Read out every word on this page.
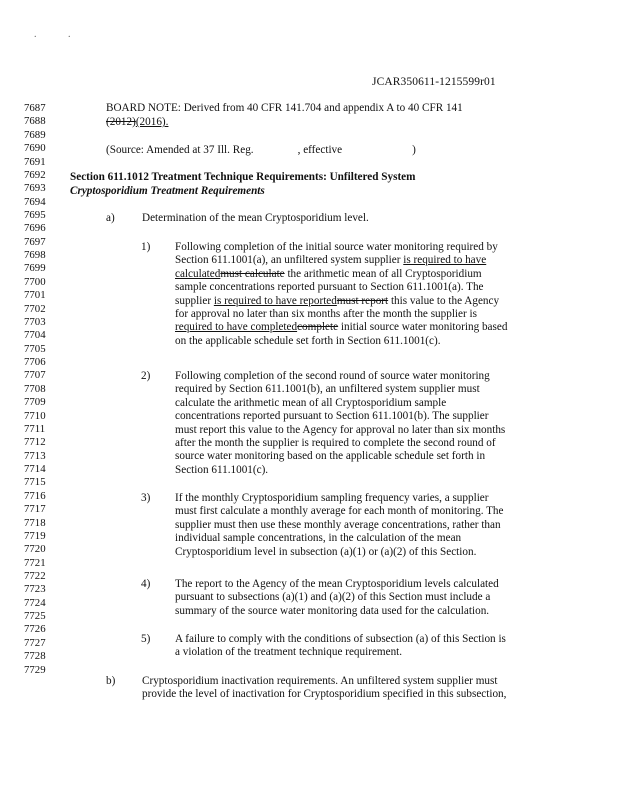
.	.
JCAR350611-1215599r01
7687
7688
7689
7690
7691
7692
7693
7694
7695
7696
7697
7698
7699
7700
7701
7702
7703
7704
7705
7706
7707
7708
7709
7710
7711
7712
7713
7714
7715
7716
7717
7718
7719
7720
7721
7722
7723
7724
7725
7726
7727
7728
7729
BOARD NOTE: Derived from 40 CFR 141.704 and appendix A to 40 CFR 141
(2012)(2016).
(Source: Amended at 37 Ill. Reg.	, effective	)
Section 611.1012 Treatment Technique Requirements: Unfiltered System
Cryptosporidium Treatment Requirements
a) Determination of the mean Cryptosporidium level.
1) Following completion of the initial source water monitoring required by
Section 611.1001(a), an unfiltered system supplier is required to have
calculatedmust calculate the arithmetic mean of all Cryptosporidium
sample concentrations reported pursuant to Section 611.1001(a). The
supplier is required to have reportedmust report this value to the Agency
for approval no later than six months after the month the supplier is
required to have completedcomplete initial source water monitoring based
on the applicable schedule set forth in Section 611.1001(c).
2) Following completion of the second round of source water monitoring
required by Section 611.1001(b), an unfiltered system supplier must
calculate the arithmetic mean of all Cryptosporidium sample
concentrations reported pursuant to Section 611.1001(b). The supplier
must report this value to the Agency for approval no later than six months
after the month the supplier is required to complete the second round of
source water monitoring based on the applicable schedule set forth in
Section 611.1001(c).
3) If the monthly Cryptosporidium sampling frequency varies, a supplier
must first calculate a monthly average for each month of monitoring. The
supplier must then use these monthly average concentrations, rather than
individual sample concentrations, in the calculation of the mean
Cryptosporidium level in subsection (a)(1) or (a)(2) of this Section.
4) The report to the Agency of the mean Cryptosporidium levels calculated
pursuant to subsections (a)(1) and (a)(2) of this Section must include a
summary of the source water monitoring data used for the calculation.
5) A failure to comply with the conditions of subsection (a) of this Section is
a violation of the treatment technique requirement.
b) Cryptosporidium inactivation requirements. An unfiltered system supplier must
provide the level of inactivation for Cryptosporidium specified in this subsection,
